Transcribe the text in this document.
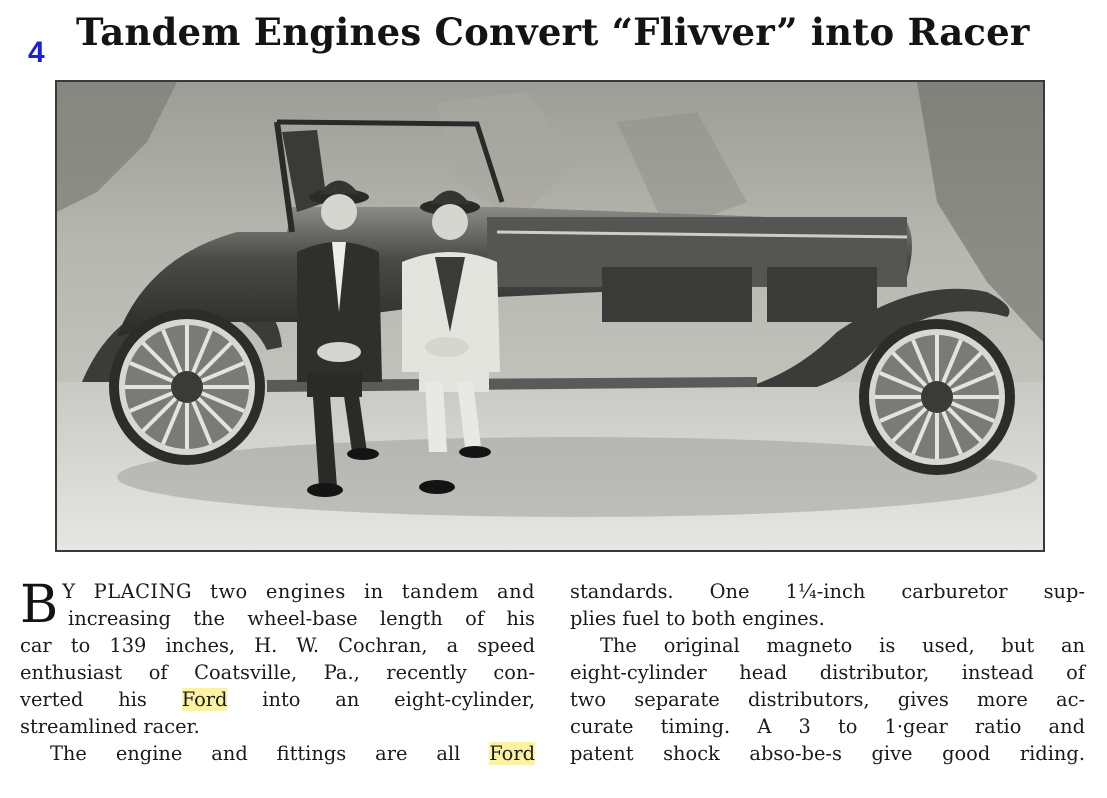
4 Tandem Engines Convert “Flivver” into Racer
B Y PLACING two engines in tandem and
increasing the wheel-base length of his
car to 139 inches, H. W. Cochran, a speed
enthusiast of Coatsville, Pa., recently con-
verted his Ford into an eight-cylinder,
streamlined racer.
The engine and fittings are all Ford
standards. One 1¼-inch carburetor sup-
plies fuel to both engines.
The original magneto is used, but an
eight-cylinder head distributor, instead of
two separate distributors, gives more ac-
curate timing. A 3 to 1·gear ratio and
patent shock abso-be-s give good riding.
